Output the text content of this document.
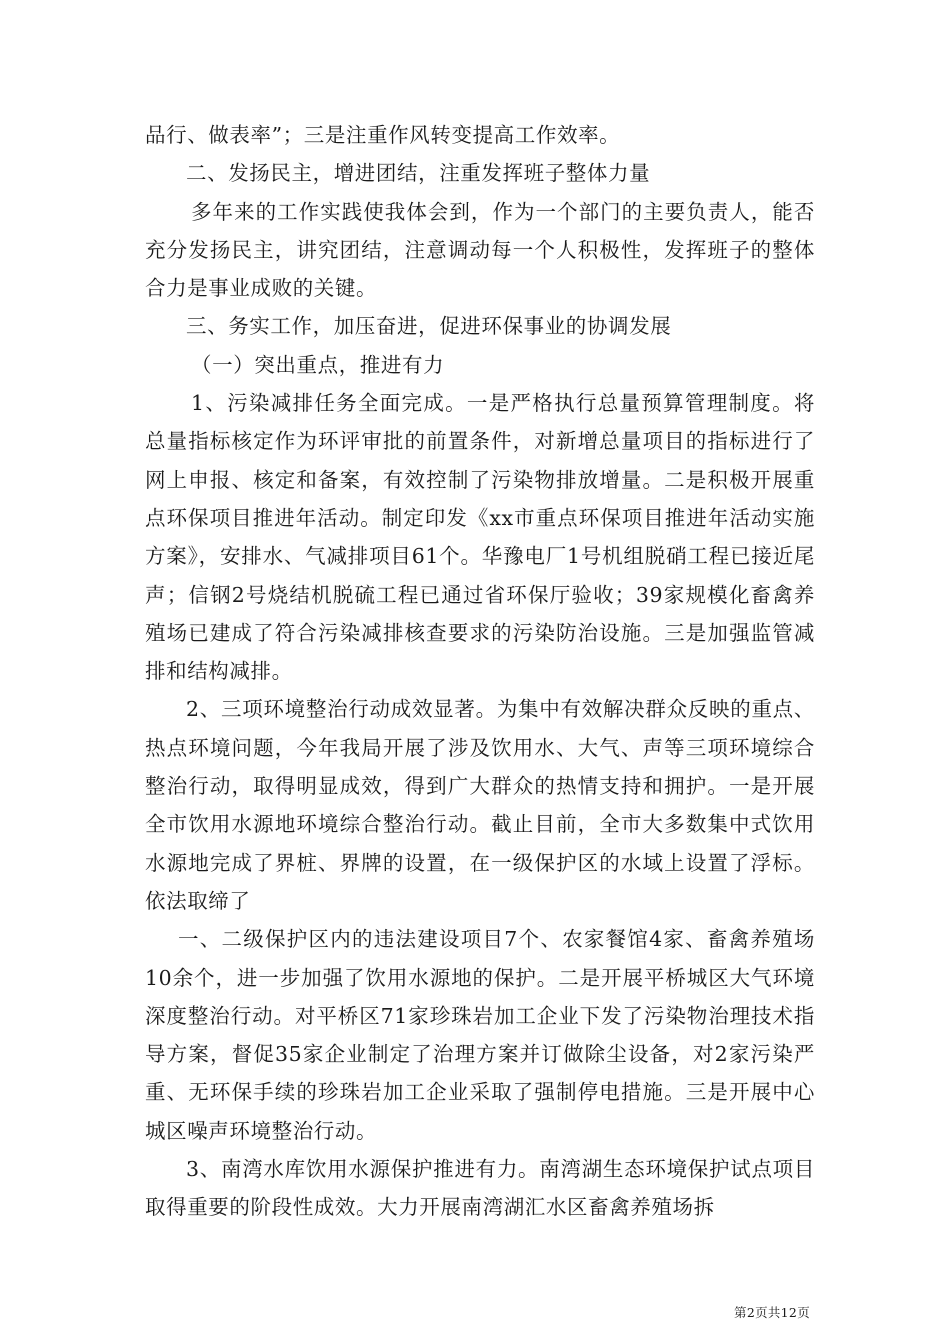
品行、做表率”；三是注重作风转变提高工作效率。

二、发扬民主，增进团结，注重发挥班子整体力量

多年来的工作实践使我体会到，作为一个部门的主要负责人，能否充分发扬民主，讲究团结，注意调动每一个人积极性，发挥班子的整体合力是事业成败的关键。

三、务实工作，加压奋进，促进环保事业的协调发展

（一）突出重点，推进有力

1、污染减排任务全面完成。一是严格执行总量预算管理制度。将总量指标核定作为环评审批的前置条件，对新增总量项目的指标进行了网上申报、核定和备案，有效控制了污染物排放增量。二是积极开展重点环保项目推进年活动。制定印发《xx市重点环保项目推进年活动实施方案》，安排水、气减排项目61个。华豫电厂1号机组脱硝工程已接近尾声；信钢2号烧结机脱硫工程已通过省环保厅验收；39家规模化畜禽养殖场已建成了符合污染减排核查要求的污染防治设施。三是加强监管减排和结构减排。

2、三项环境整治行动成效显著。为集中有效解决群众反映的重点、热点环境问题，今年我局开展了涉及饮用水、大气、声等三项环境综合整治行动，取得明显成效，得到广大群众的热情支持和拥护。一是开展全市饮用水源地环境综合整治行动。截止目前，全市大多数集中式饮用水源地完成了界桩、界牌的设置，在一级保护区的水域上设置了浮标。依法取缔了

一、二级保护区内的违法建设项目7个、农家餐馆4家、畜禽养殖场10余个，进一步加强了饮用水源地的保护。二是开展平桥城区大气环境深度整治行动。对平桥区71家珍珠岩加工企业下发了污染物治理技术指导方案，督促35家企业制定了治理方案并订做除尘设备，对2家污染严重、无环保手续的珍珠岩加工企业采取了强制停电措施。三是开展中心城区噪声环境整治行动。

3、南湾水库饮用水源保护推进有力。南湾湖生态环境保护试点项目取得重要的阶段性成效。大力开展南湾湖汇水区畜禽养殖场拆

第2页共12页
